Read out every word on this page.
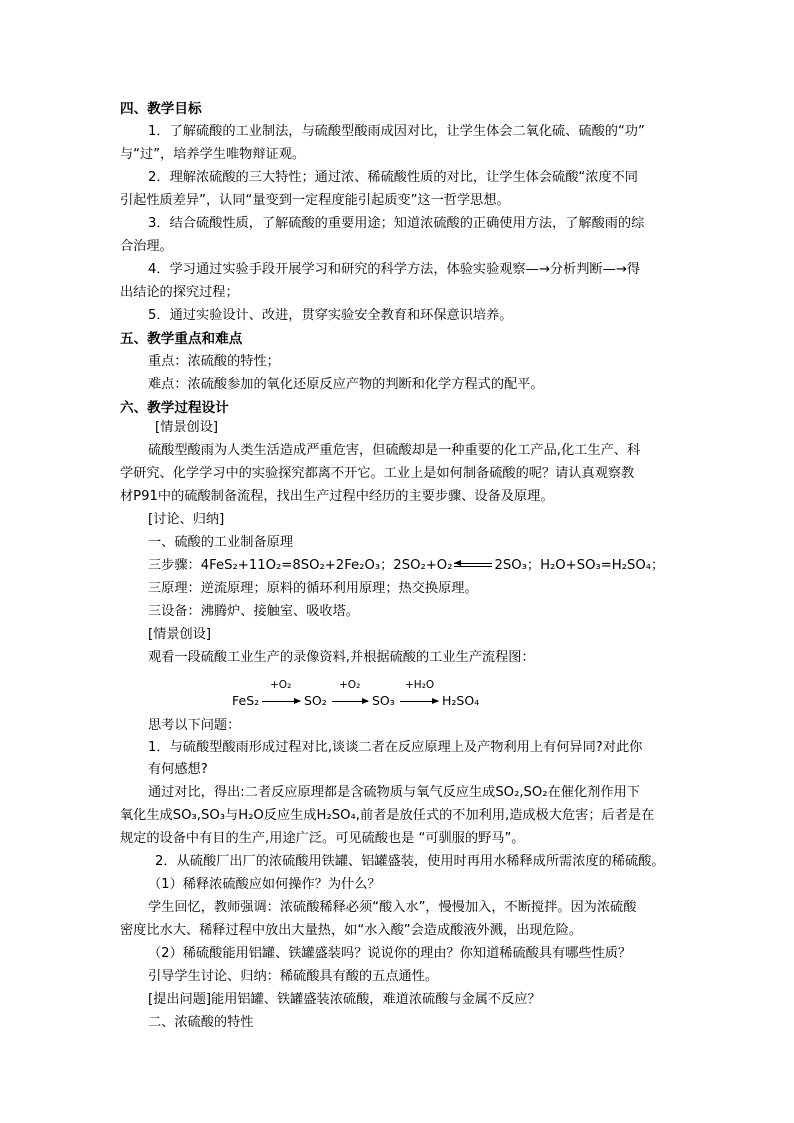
四、教学目标
1．了解硫酸的工业制法，与硫酸型酸雨成因对比，让学生体会二氧化硫、硫酸的“功”
与“过”，培养学生唯物辩证观。
2．理解浓硫酸的三大特性；通过浓、稀硫酸性质的对比，让学生体会硫酸“浓度不同
引起性质差异”，认同“量变到一定程度能引起质变”这一哲学思想。
3．结合硫酸性质，了解硫酸的重要用途；知道浓硫酸的正确使用方法，了解酸雨的综
合治理。
4．学习通过实验手段开展学习和研究的科学方法，体验实验观察—→分析判断—→得
出结论的探究过程；
5．通过实验设计、改进，贯穿实验安全教育和环保意识培养。
五、教学重点和难点
重点：浓硫酸的特性；
难点：浓硫酸参加的氧化还原反应产物的判断和化学方程式的配平。
六、教学过程设计
[情景创设]
硫酸型酸雨为人类生活造成严重危害，但硫酸却是一种重要的化工产品,化工生产、科
学研究、化学学习中的实验探究都离不开它。工业上是如何制备硫酸的呢？请认真观察教
材P91中的硫酸制备流程，找出生产过程中经历的主要步骤、设备及原理。
[讨论、归纳]
一、硫酸的工业制备原理
三步骤：4FeS₂+11O₂=8SO₂+2Fe₂O₃；2SO₂+O₂	2SO₃；H₂O+SO₃=H₂SO₄；
三原理：逆流原理；原料的循环利用原理；热交换原理。
三设备：沸腾炉、接触室、吸收塔。
[情景创设]
观看一段硫酸工业生产的录像资料,并根据硫酸的工业生产流程图：
FeS₂
+O₂
SO₂
+O₂
SO₃
+H₂O
H₂SO₄
思考以下问题：
1．与硫酸型酸雨形成过程对比,谈谈二者在反应原理上及产物利用上有何异同?对此你
有何感想?
通过对比，得出:二者反应原理都是含硫物质与氧气反应生成SO₂,SO₂在催化剂作用下
氧化生成SO₃,SO₃与H₂O反应生成H₂SO₄,前者是放任式的不加利用,造成极大危害；后者是在
规定的设备中有目的生产,用途广泛。可见硫酸也是 “可驯服的野马”。
2．从硫酸厂出厂的浓硫酸用铁罐、铝罐盛装，使用时再用水稀释成所需浓度的稀硫酸。
（1）稀释浓硫酸应如何操作？为什么？
学生回忆，教师强调：浓硫酸稀释必须“酸入水”，慢慢加入，不断搅拌。因为浓硫酸
密度比水大、稀释过程中放出大量热，如“水入酸”会造成酸液外溅，出现危险。
（2）稀硫酸能用铝罐、铁罐盛装吗？说说你的理由？你知道稀硫酸具有哪些性质？
引导学生讨论、归纳：稀硫酸具有酸的五点通性。
[提出问题]能用铝罐、铁罐盛装浓硫酸，难道浓硫酸与金属不反应？
二、浓硫酸的特性
